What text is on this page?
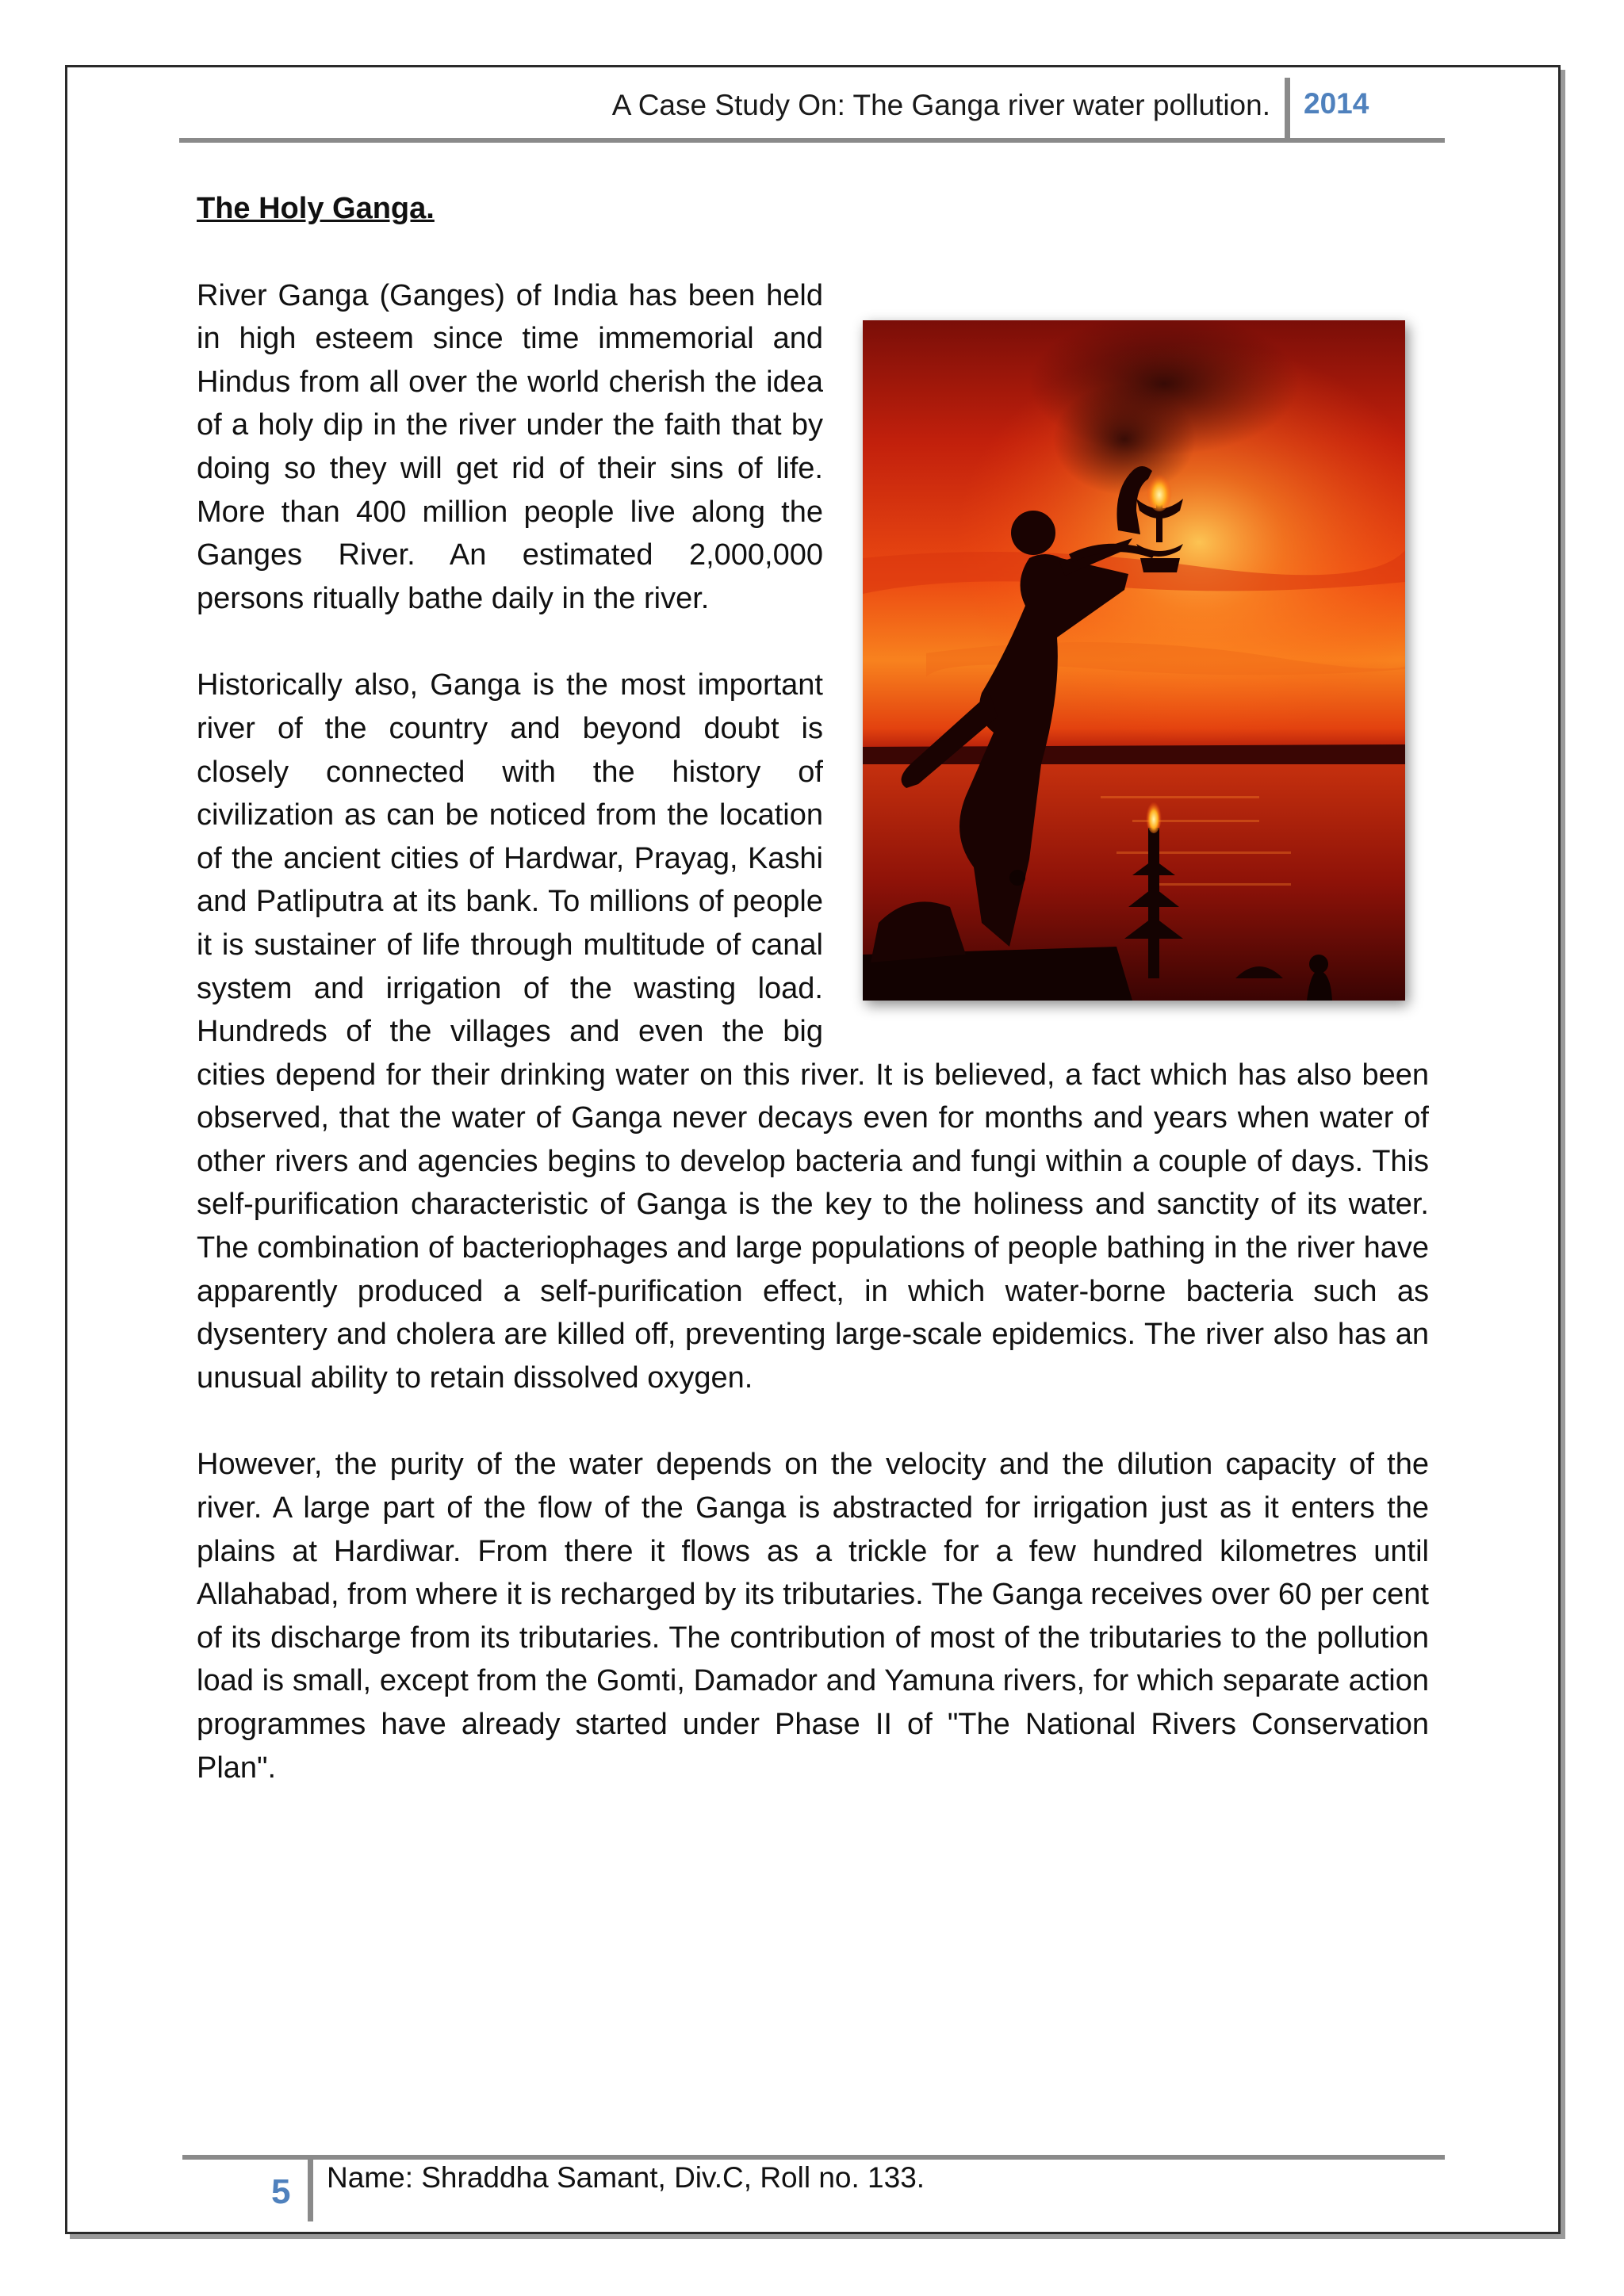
A Case Study On: The Ganga river water pollution. 2014
The Holy Ganga.

River Ganga (Ganges) of India has been held in high esteem since time immemorial and Hindus from all over the world cherish the idea of a holy dip in the river under the faith that by doing so they will get rid of their sins of life. More than 400 million people live along the Ganges River. An estimated 2,000,000 persons ritually bathe daily in the river.

Historically also, Ganga is the most important river of the country and beyond doubt is closely connected with the history of civilization as can be noticed from the location of the ancient cities of Hardwar, Prayag, Kashi and Patliputra at its bank. To millions of people it is sustainer of life through multitude of canal system and irrigation of the wasting load. Hundreds of the villages and even the big cities depend for their drinking water on this river. It is believed, a fact which has also been observed, that the water of Ganga never decays even for months and years when water of other rivers and agencies begins to develop bacteria and fungi within a couple of days. This self-purification characteristic of Ganga is the key to the holiness and sanctity of its water. The combination of bacteriophages and large populations of people bathing in the river have apparently produced a self-purification effect, in which water-borne bacteria such as dysentery and cholera are killed off, preventing large-scale epidemics. The river also has an unusual ability to retain dissolved oxygen.

However, the purity of the water depends on the velocity and the dilution capacity of the river. A large part of the flow of the Ganga is abstracted for irrigation just as it enters the plains at Hardiwar. From there it flows as a trickle for a few hundred kilometres until Allahabad, from where it is recharged by its tributaries. The Ganga receives over 60 per cent of its discharge from its tributaries. The contribution of most of the tributaries to the pollution load is small, except from the Gomti, Damador and Yamuna rivers, for which separate action programmes have already started under Phase II of "The National Rivers Conservation Plan".

5 Name: Shraddha Samant, Div.C, Roll no. 133.
